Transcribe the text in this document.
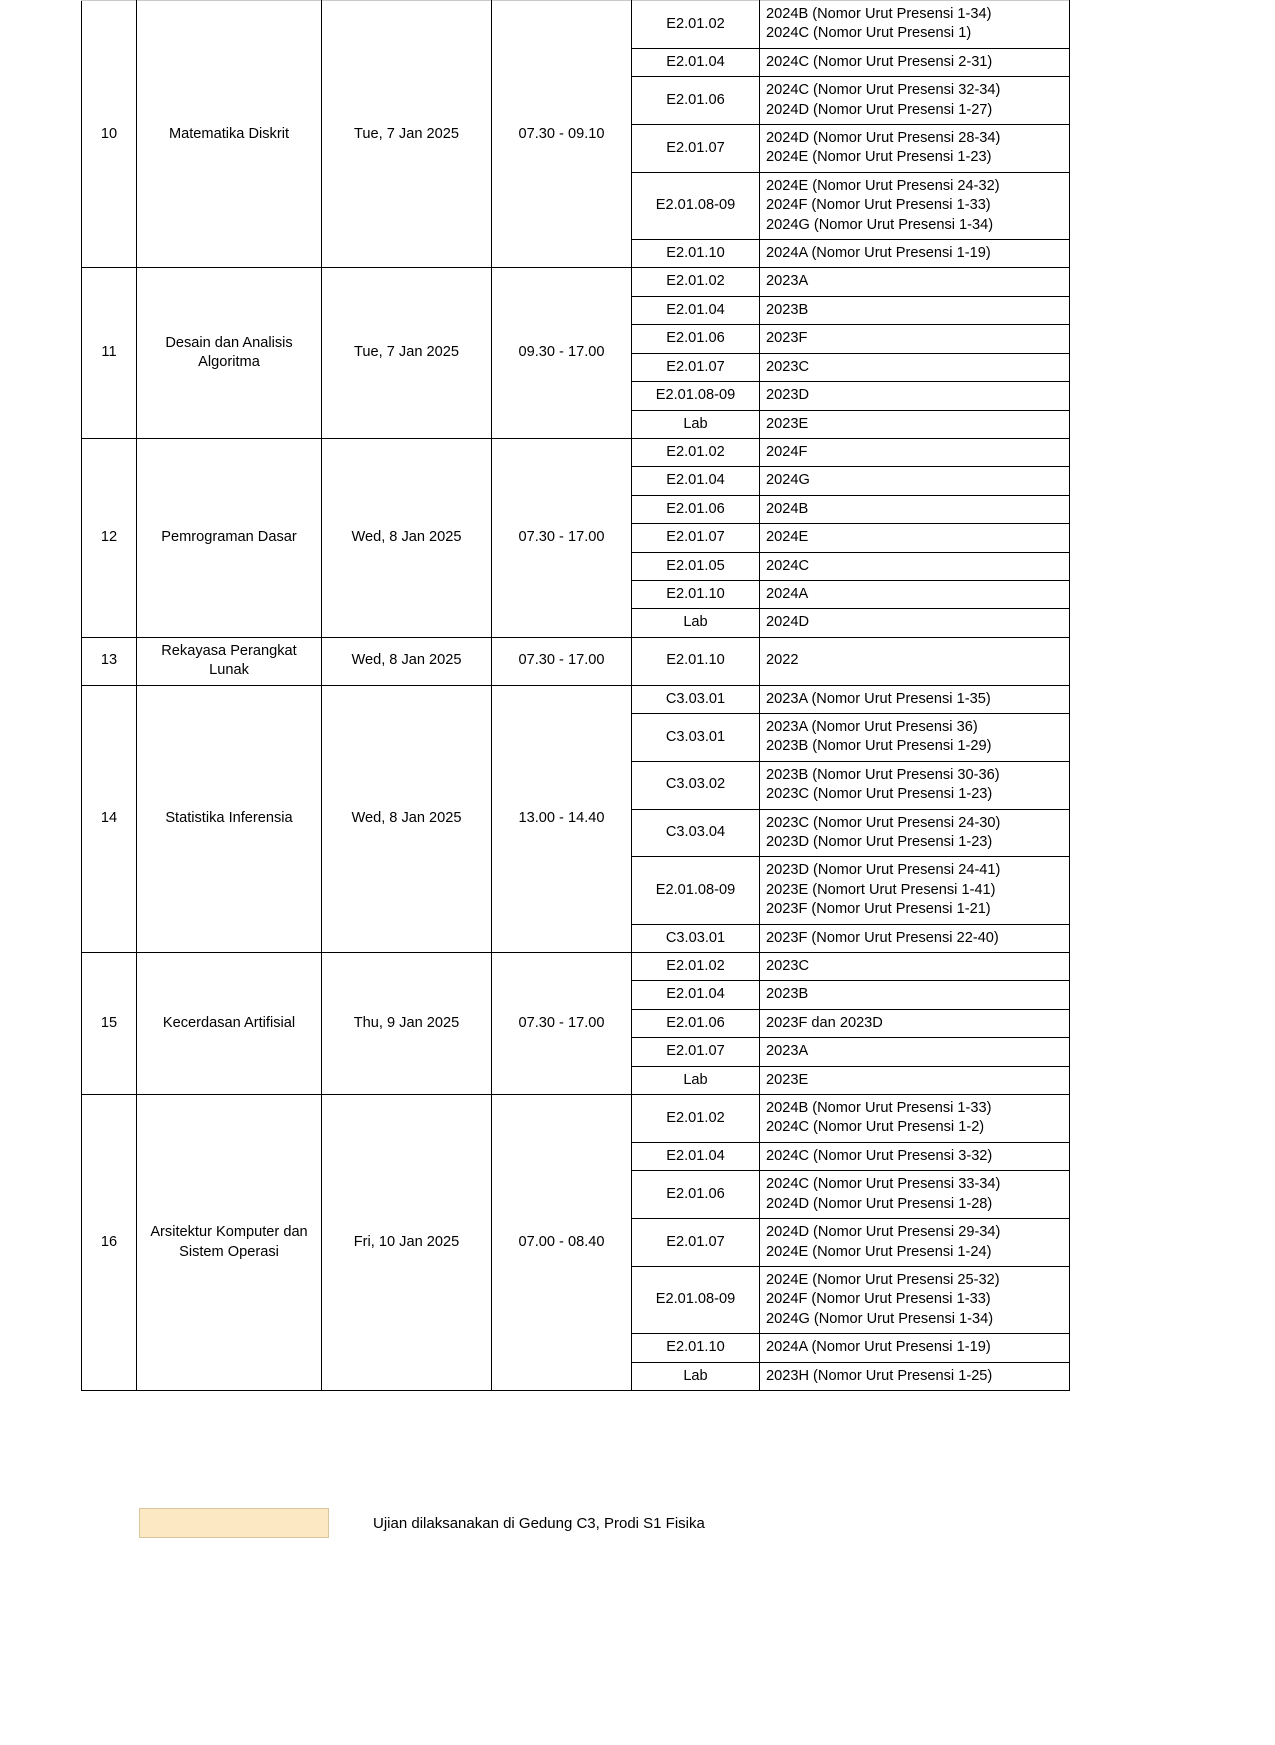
10	Matematika Diskrit	Tue, 7 Jan 2025	07.30 - 09.10	E2.01.02	2024B (Nomor Urut Presensi 1-34)
2024C (Nomor Urut Presensi 1)

				E2.01.04	2024C (Nomor Urut Presensi 2-31)

				E2.01.06	2024C (Nomor Urut Presensi 32-34)
2024D (Nomor Urut Presensi 1-27)

				E2.01.07	2024D (Nomor Urut Presensi 28-34)
2024E (Nomor Urut Presensi 1-23)

				E2.01.08-09	2024E (Nomor Urut Presensi 24-32)
2024F (Nomor Urut Presensi 1-33)
2024G (Nomor Urut Presensi 1-34)

				E2.01.10	2024A (Nomor Urut Presensi 1-19)

11	Desain dan Analisis Algoritma	Tue, 7 Jan 2025	09.30 - 17.00	E2.01.02	2023A

				E2.01.04	2023B

				E2.01.06	2023F

				E2.01.07	2023C

				E2.01.08-09	2023D

				Lab	2023E

12	Pemrograman Dasar	Wed, 8 Jan 2025	07.30 - 17.00	E2.01.02	2024F

				E2.01.04	2024G

				E2.01.06	2024B

				E2.01.07	2024E

				E2.01.05	2024C

				E2.01.10	2024A

				Lab	2024D

13	Rekayasa Perangkat Lunak	Wed, 8 Jan 2025	07.30 - 17.00	E2.01.10	2022

14	Statistika Inferensia	Wed, 8 Jan 2025	13.00 - 14.40	C3.03.01	2023A (Nomor Urut Presensi 1-35)

				C3.03.01	2023A (Nomor Urut Presensi 36)
2023B (Nomor Urut Presensi 1-29)

				C3.03.02	2023B (Nomor Urut Presensi 30-36)
2023C (Nomor Urut Presensi 1-23)

				C3.03.04	2023C (Nomor Urut Presensi 24-30)
2023D (Nomor Urut Presensi 1-23)

				E2.01.08-09	2023D (Nomor Urut Presensi 24-41)
2023E (Nomort Urut Presensi 1-41)
2023F (Nomor Urut Presensi 1-21)

				C3.03.01	2023F (Nomor Urut Presensi 22-40)

15	Kecerdasan Artifisial	Thu, 9 Jan 2025	07.30 - 17.00	E2.01.02	2023C

				E2.01.04	2023B

				E2.01.06	2023F dan 2023D

				E2.01.07	2023A

				Lab	2023E

16	Arsitektur Komputer dan Sistem Operasi	Fri, 10 Jan 2025	07.00 - 08.40	E2.01.02	2024B (Nomor Urut Presensi 1-33)
2024C (Nomor Urut Presensi 1-2)

				E2.01.04	2024C (Nomor Urut Presensi 3-32)

				E2.01.06	2024C (Nomor Urut Presensi 33-34)
2024D (Nomor Urut Presensi 1-28)

				E2.01.07	2024D (Nomor Urut Presensi 29-34)
2024E (Nomor Urut Presensi 1-24)

				E2.01.08-09	2024E (Nomor Urut Presensi 25-32)
2024F (Nomor Urut Presensi 1-33)
2024G (Nomor Urut Presensi 1-34)

				E2.01.10	2024A (Nomor Urut Presensi 1-19)

				Lab	2023H (Nomor Urut Presensi 1-25)
Ujian dilaksanakan di Gedung C3, Prodi S1 Fisika
